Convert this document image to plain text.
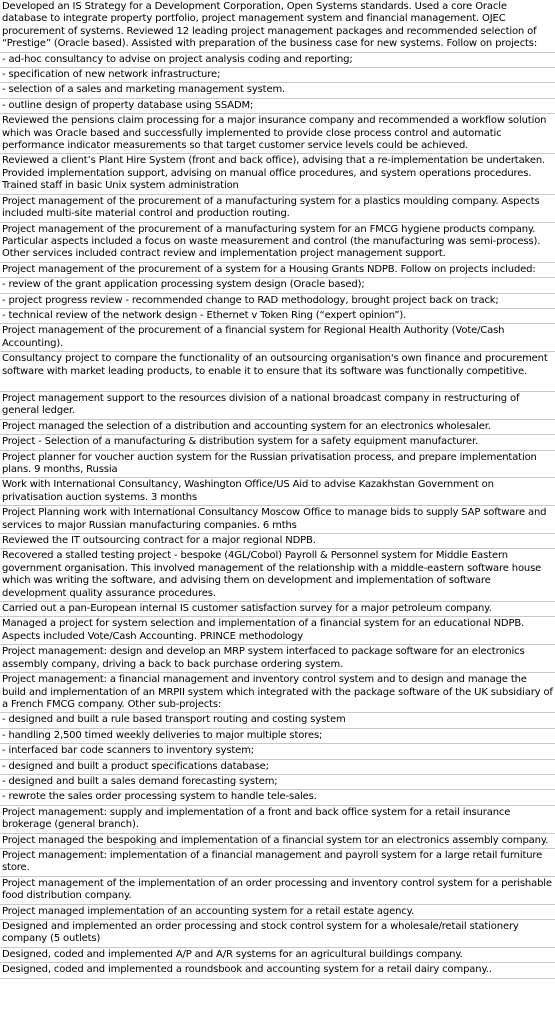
Developed an IS Strategy for a Development Corporation, Open Systems standards. Used a core Oracle database to integrate property portfolio, project management system and financial management. OJEC procurement of systems. Reviewed 12 leading project management packages and recommended selection of “Prestige” (Oracle based). Assisted with preparation of the business case for new systems. Follow on projects:
- ad-hoc consultancy to advise on project analysis coding and reporting;
- specification of new network infrastructure;
- selection of a sales and marketing management system.
- outline design of property database using SSADM;
Reviewed the pensions claim processing for a major insurance company and recommended a workflow solution which was Oracle based and successfully implemented to provide close process control and automatic performance indicator measurements so that target customer service levels could be achieved.
Reviewed a client’s Plant Hire System (front and back office), advising that a re-implementation be undertaken. Provided implementation support, advising on manual office procedures, and system operations procedures. Trained staff in basic Unix system administration
Project management of the procurement of a manufacturing system for a plastics moulding company. Aspects included multi-site material control and production routing.
Project management of the procurement of a manufacturing system for an FMCG hygiene products company. Particular aspects included a focus on waste measurement and control (the manufacturing was semi-process). Other services included contract review and implementation project management support.
Project management of the procurement of a system for a Housing Grants NDPB. Follow on projects included:
- review of the grant application processing system design (Oracle based);
- project progress review - recommended change to RAD methodology, brought project back on track;
- technical review of the network design - Ethernet v Token Ring (“expert opinion”).
Project management of the procurement of a financial system for Regional Health Authority (Vote/Cash Accounting).
Consultancy project to compare the functionality of an outsourcing organisation's own finance and procurement software with market leading products, to enable it to ensure that its software was functionally competitive.
Project management support to the resources division of a national broadcast company in restructuring of general ledger.
Project managed the selection of a distribution and accounting system for an electronics wholesaler.
Project - Selection of a manufacturing & distribution system for a safety equipment manufacturer.
Project planner for voucher auction system for the Russian privatisation process, and prepare implementation plans. 9 months, Russia
Work with International Consultancy, Washington Office/US Aid to advise Kazakhstan Government on privatisation auction systems. 3 months
Project Planning work with International Consultancy Moscow Office to manage bids to supply SAP software and services to major Russian manufacturing companies. 6 mths
Reviewed the IT outsourcing contract for a major regional NDPB.
Recovered a stalled testing project - bespoke (4GL/Cobol) Payroll & Personnel system for Middle Eastern government organisation. This involved management of the relationship with a middle-eastern software house which was writing the software, and advising them on development and implementation of software development quality assurance procedures.
Carried out a pan-European internal IS customer satisfaction survey for a major petroleum company.
Managed a project for system selection and implementation of a financial system for an educational NDPB. Aspects included Vote/Cash Accounting. PRINCE methodology
Project management: design and develop an MRP system interfaced to package software for an electronics assembly company, driving a back to back purchase ordering system.
Project management: a financial management and inventory control system and to design and manage the build and implementation of an MRPII system which integrated with the package software of the UK subsidiary of a French FMCG company. Other sub-projects:
- designed and built a rule based transport routing and costing system
- handling 2,500 timed weekly deliveries to major multiple stores;
- interfaced bar code scanners to inventory system;
- designed and built a product specifications database;
- designed and built a sales demand forecasting system;
- rewrote the sales order processing system to handle tele-sales.
Project management: supply and implementation of a front and back office system for a retail insurance brokerage (general branch).
Project managed the bespoking and implementation of a financial system tor an electronics assembly company.
Project management: implementation of a financial management and payroll system for a large retail furniture store.
Project management of the implementation of an order processing and inventory control system for a perishable food distribution company.
Project managed implementation of an accounting system for a retail estate agency.
Designed and implemented an order processing and stock control system for a wholesale/retail stationery company (5 outlets)
Designed, coded and implemented A/P and A/R systems for an agricultural buildings company.
Designed, coded and implemented a roundsbook and accounting system for a retail dairy company..
